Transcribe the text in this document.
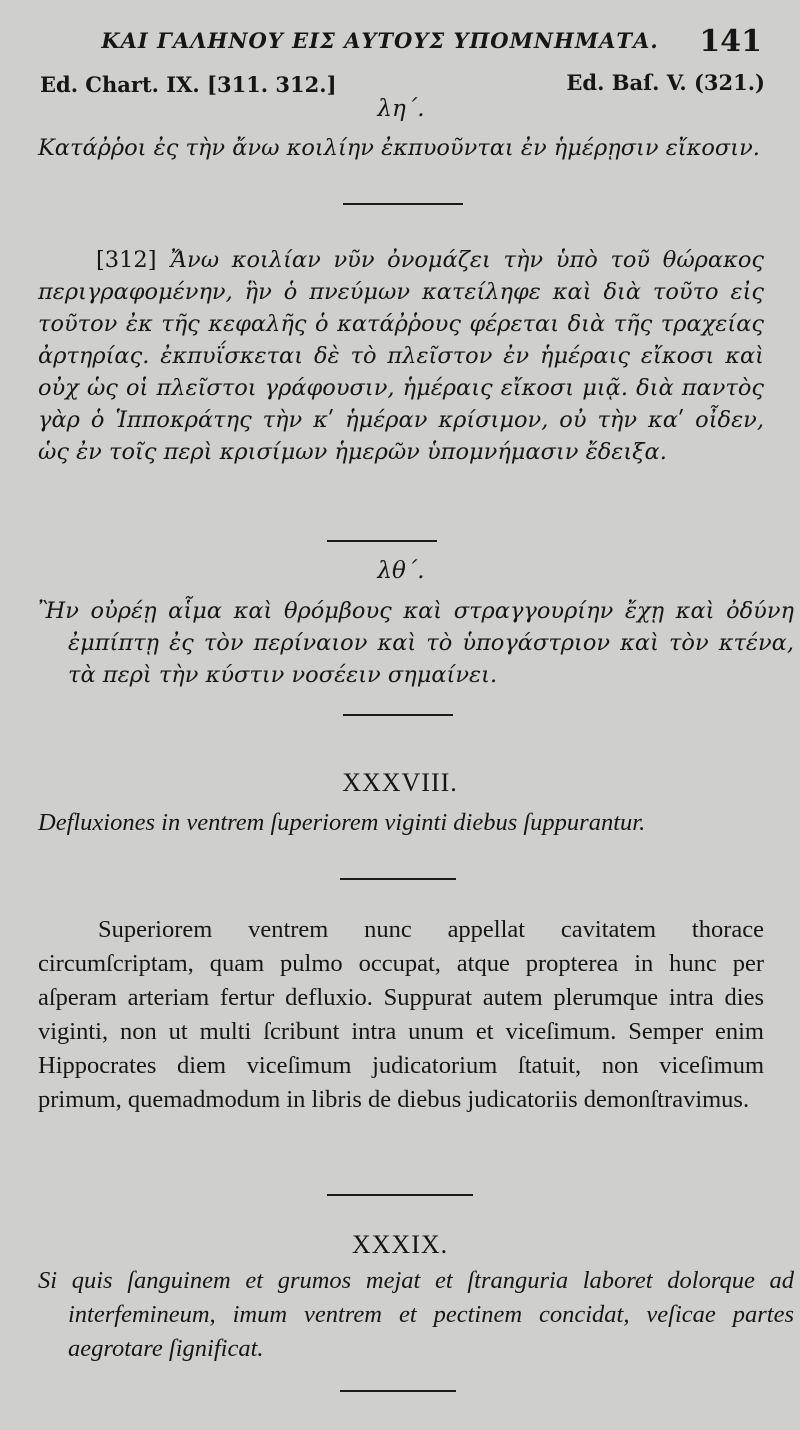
ΚΑΙ ΓΑΛΗΝΟΥ ΕΙΣ ΑΥΤΟΥΣ ΥΠΟΜΝΗΜΑΤΑ.	141
Ed. Chart. IX. [311. 312.]	Ed. Baſ. V. (321.)
λη΄.
Κατάῤῥοι ἐς τὴν ἄνω κοιλίην ἐκπυοῦνται ἐν ἡμέρῃσιν εἴκοσιν.
[312] Ἄνω κοιλίαν νῦν ὀνομάζει τὴν ὑπὸ τοῦ θώρακος περιγραφομένην, ἣν ὁ πνεύμων κατείληφε καὶ διὰ τοῦτο εἰς τοῦτον ἐκ τῆς κεφαλῆς ὁ κατάῤῥους φέρεται διὰ τῆς τραχείας ἀρτηρίας. ἐκπυΐσκεται δὲ τὸ πλεῖστον ἐν ἡμέραις εἴκοσι καὶ οὐχ ὡς οἱ πλεῖστοι γράφουσιν, ἡμέραις εἴκοσι μιᾷ. διὰ παντὸς γὰρ ὁ Ἱπποκράτης τὴν κʹ ἡμέραν κρίσιμον, οὐ τὴν καʹ οἶδεν, ὡς ἐν τοῖς περὶ κρισίμων ἡμερῶν ὑπομνήμασιν ἔδειξα.
λθ΄.
Ἢν οὐρέῃ αἷμα καὶ θρόμβους καὶ στραγγουρίην ἔχῃ καὶ ὀδύνη ἐμπίπτῃ ἐς τὸν περίναιον καὶ τὸ ὑπογάστριον καὶ τὸν κτένα, τὰ περὶ τὴν κύστιν νοσέειν σημαίνει.
XXXVIII.
Defluxiones in ventrem ſuperiorem viginti diebus ſuppurantur.
Superiorem ventrem nunc appellat cavitatem thorace circumſcriptam, quam pulmo occupat, atque propterea in hunc per aſperam arteriam fertur defluxio. Suppurat autem plerumque intra dies viginti, non ut multi ſcribunt intra unum et viceſimum. Semper enim Hippocrates diem viceſimum judicatorium ſtatuit, non viceſimum primum, quemadmodum in libris de diebus judicatoriis demonſtravimus.
XXXIX.
Si quis ſanguinem et grumos mejat et ſtranguria laboret dolorque ad interfemineum, imum ventrem et pectinem concidat, veſicae partes aegrotare ſignificat.
